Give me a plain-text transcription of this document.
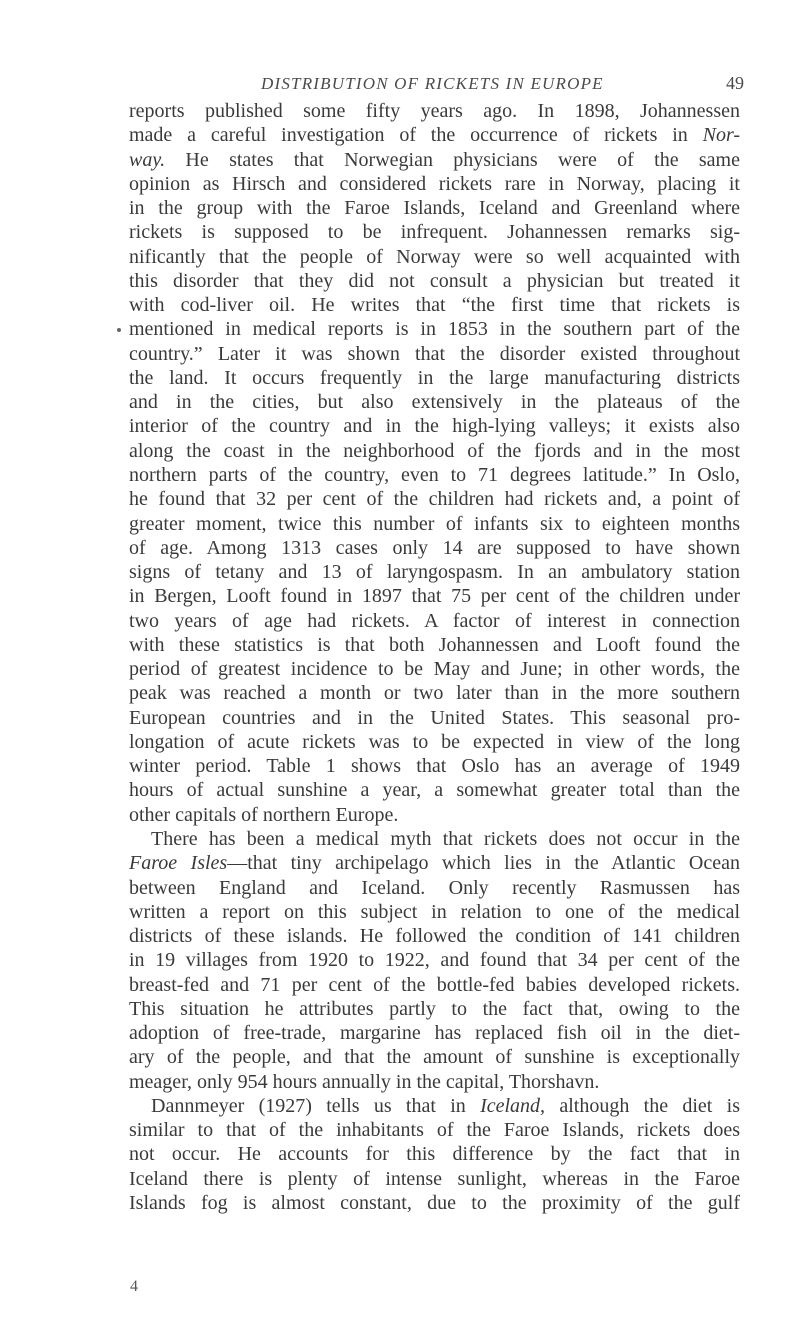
DISTRIBUTION OF RICKETS IN EUROPE	49
reports published some fifty years ago. In 1898, Johannessen
made a careful investigation of the occurrence of rickets in Nor-
way. He states that Norwegian physicians were of the same
opinion as Hirsch and considered rickets rare in Norway, placing it
in the group with the Faroe Islands, Iceland and Greenland where
rickets is supposed to be infrequent. Johannessen remarks sig-
nificantly that the people of Norway were so well acquainted with
this disorder that they did not consult a physician but treated it
with cod-liver oil. He writes that “the first time that rickets is
mentioned in medical reports is in 1853 in the southern part of the
country.” Later it was shown that the disorder existed throughout
the land. It occurs frequently in the large manufacturing districts
and in the cities, but also extensively in the plateaus of the
interior of the country and in the high-lying valleys; it exists also
along the coast in the neighborhood of the fjords and in the most
northern parts of the country, even to 71 degrees latitude.” In Oslo,
he found that 32 per cent of the children had rickets and, a point of
greater moment, twice this number of infants six to eighteen months
of age. Among 1313 cases only 14 are supposed to have shown
signs of tetany and 13 of laryngospasm. In an ambulatory station
in Bergen, Looft found in 1897 that 75 per cent of the children under
two years of age had rickets. A factor of interest in connection
with these statistics is that both Johannessen and Looft found the
period of greatest incidence to be May and June; in other words, the
peak was reached a month or two later than in the more southern
European countries and in the United States. This seasonal pro-
longation of acute rickets was to be expected in view of the long
winter period. Table 1 shows that Oslo has an average of 1949
hours of actual sunshine a year, a somewhat greater total than the
other capitals of northern Europe.
There has been a medical myth that rickets does not occur in the
Faroe Isles—that tiny archipelago which lies in the Atlantic Ocean
between England and Iceland. Only recently Rasmussen has
written a report on this subject in relation to one of the medical
districts of these islands. He followed the condition of 141 children
in 19 villages from 1920 to 1922, and found that 34 per cent of the
breast-fed and 71 per cent of the bottle-fed babies developed rickets.
This situation he attributes partly to the fact that, owing to the
adoption of free-trade, margarine has replaced fish oil in the diet-
ary of the people, and that the amount of sunshine is exceptionally
meager, only 954 hours annually in the capital, Thorshavn.
Dannmeyer (1927) tells us that in Iceland, although the diet is
similar to that of the inhabitants of the Faroe Islands, rickets does
not occur. He accounts for this difference by the fact that in
Iceland there is plenty of intense sunlight, whereas in the Faroe
Islands fog is almost constant, due to the proximity of the gulf
4
